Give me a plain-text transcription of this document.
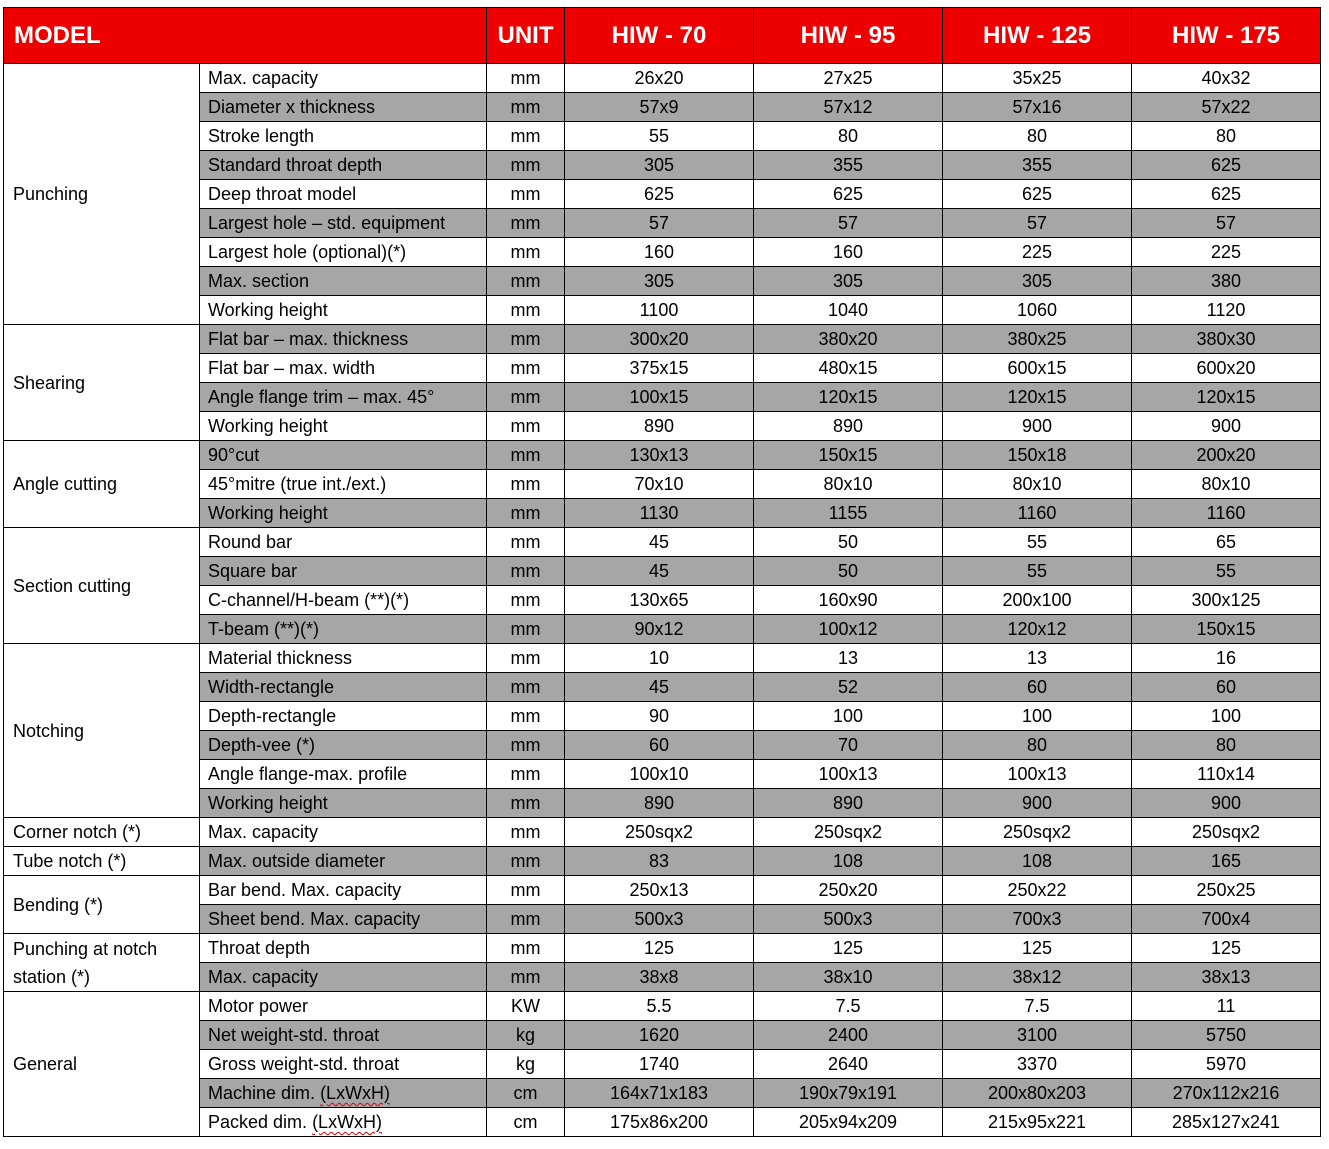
MODEL		UNIT	HIW - 70	HIW - 95	HIW - 125	HIW - 175
Punching	Max. capacity	mm	26x20	27x25	35x25	40x32
	Diameter x thickness	mm	57x9	57x12	57x16	57x22
	Stroke length	mm	55	80	80	80
	Standard throat depth	mm	305	355	355	625
	Deep throat model	mm	625	625	625	625
	Largest hole – std. equipment	mm	57	57	57	57
	Largest hole (optional)(*)	mm	160	160	225	225
	Max. section	mm	305	305	305	380
	Working height	mm	1100	1040	1060	1120
Shearing	Flat bar – max. thickness	mm	300x20	380x20	380x25	380x30
	Flat bar – max. width	mm	375x15	480x15	600x15	600x20
	Angle flange trim – max. 45°	mm	100x15	120x15	120x15	120x15
	Working height	mm	890	890	900	900
Angle cutting	90°cut	mm	130x13	150x15	150x18	200x20
	45°mitre (true int./ext.)	mm	70x10	80x10	80x10	80x10
	Working height	mm	1130	1155	1160	1160
Section cutting	Round bar	mm	45	50	55	65
	Square bar	mm	45	50	55	55
	C-channel/H-beam (**)(*)	mm	130x65	160x90	200x100	300x125
	T-beam (**)(*)	mm	90x12	100x12	120x12	150x15
Notching	Material thickness	mm	10	13	13	16
	Width-rectangle	mm	45	52	60	60
	Depth-rectangle	mm	90	100	100	100
	Depth-vee (*)	mm	60	70	80	80
	Angle flange-max. profile	mm	100x10	100x13	100x13	110x14
	Working height	mm	890	890	900	900
Corner notch (*)	Max. capacity	mm	250sqx2	250sqx2	250sqx2	250sqx2
Tube notch (*)	Max. outside diameter	mm	83	108	108	165
Bending (*)	Bar bend. Max. capacity	mm	250x13	250x20	250x22	250x25
	Sheet bend. Max. capacity	mm	500x3	500x3	700x3	700x4
Punching at notch station (*)	Throat depth	mm	125	125	125	125
	Max. capacity	mm	38x8	38x10	38x12	38x13
General	Motor power	KW	5.5	7.5	7.5	11
	Net weight-std. throat	kg	1620	2400	3100	5750
	Gross weight-std. throat	kg	1740	2640	3370	5970
	Machine dim. (LxWxH)	cm	164x71x183	190x79x191	200x80x203	270x112x216
	Packed dim. (LxWxH)	cm	175x86x200	205x94x209	215x95x221	285x127x241
